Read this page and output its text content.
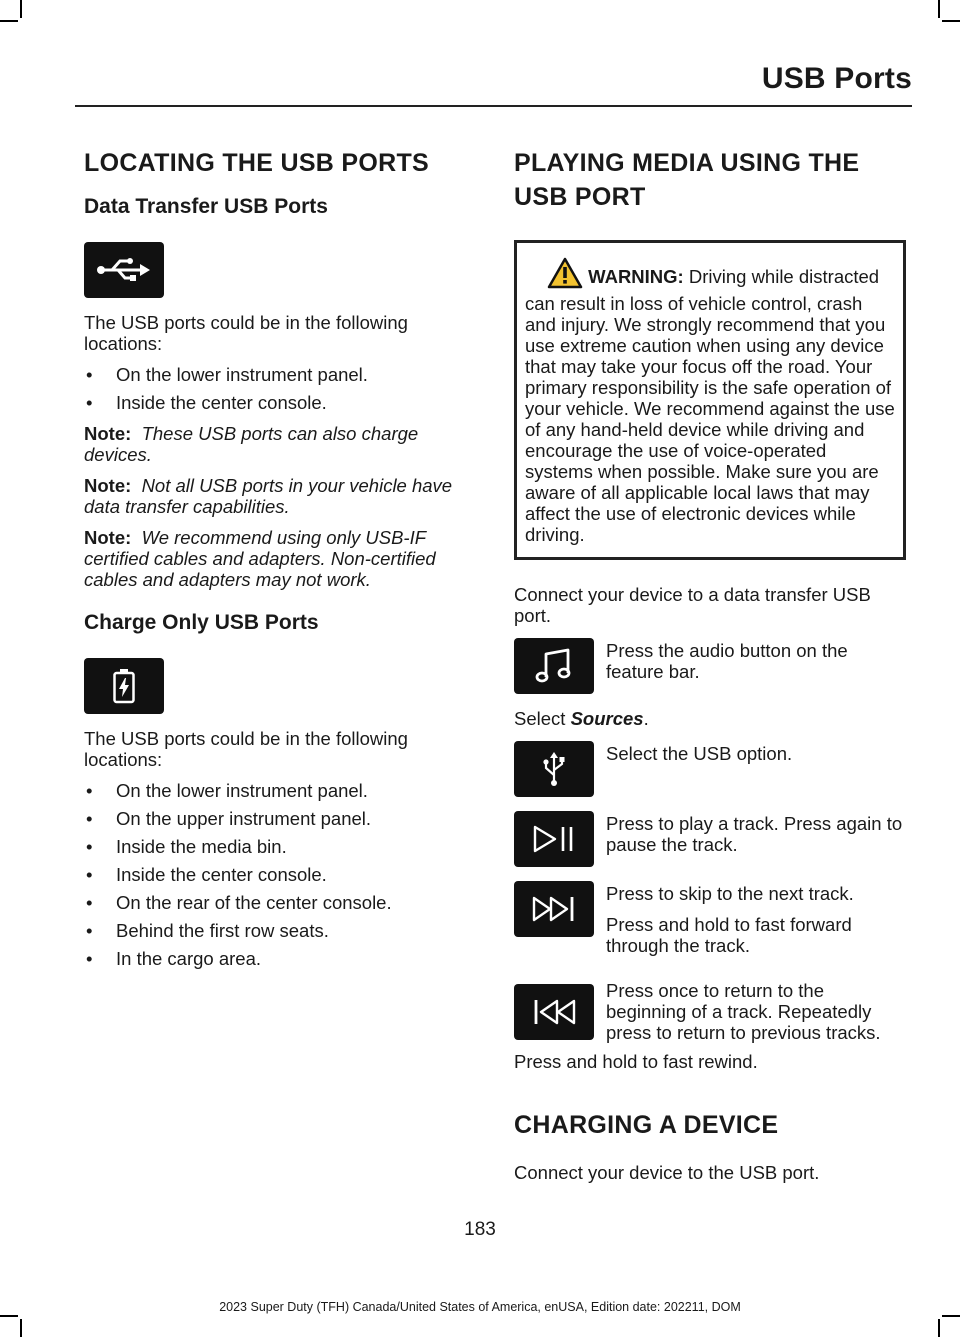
USB Ports
LOCATING THE USB PORTS
Data Transfer USB Ports

The USB ports could be in the following locations:

• On the lower instrument panel.
• Inside the center console.

Note: These USB ports can also charge devices.

Note: Not all USB ports in your vehicle have data transfer capabilities.

Note: We recommend using only USB-IF certified cables and adapters. Non-certified cables and adapters may not work.

Charge Only USB Ports

The USB ports could be in the following locations:

• On the lower instrument panel.
• On the upper instrument panel.
• Inside the media bin.
• Inside the center console.
• On the rear of the center console.
• Behind the first row seats.
• In the cargo area.
PLAYING MEDIA USING THE
USB PORT
WARNING: Driving while distracted can result in loss of vehicle control, crash and injury. We strongly recommend that you use extreme caution when using any device that may take your focus off the road. Your primary responsibility is the safe operation of your vehicle. We recommend against the use of any hand-held device while driving and encourage the use of voice-operated systems when possible. Make sure you are aware of all applicable local laws that may affect the use of electronic devices while driving.

Connect your device to a data transfer USB port.

Press the audio button on the feature bar.

Select Sources.

Select the USB option.
Press to play a track. Press again to pause the track.

Press to skip to the next track.

Press and hold to fast forward through the track.

Press once to return to the beginning of a track. Repeatedly press to return to previous tracks.

Press and hold to fast rewind.

CHARGING A DEVICE

Connect your device to the USB port.

183
2023 Super Duty (TFH) Canada/United States of America, enUSA, Edition date: 202211, DOM
